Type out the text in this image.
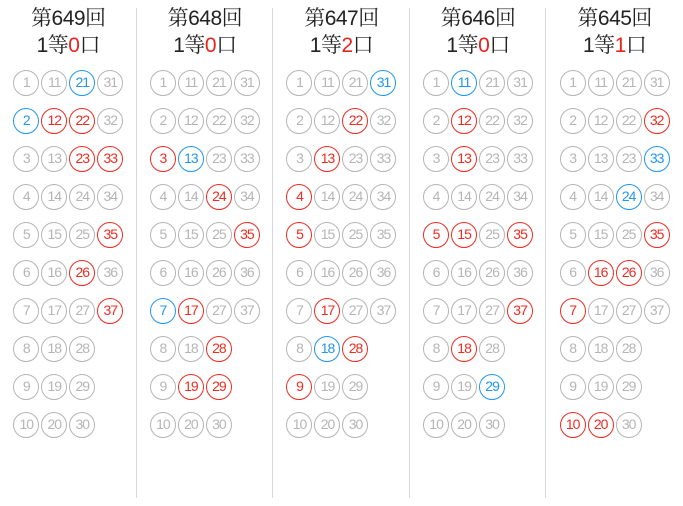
第649回
1等0口
1	11	21	31
2	12	22	32
3	13	23	33
4	14	24	34
5	15	25	35
6	16	26	36
7	17	27	37
8	18	28
9	19	29
10	20	30
第648回
1等0口
1	11	21	31
2	12	22	32
3	13	23	33
4	14	24	34
5	15	25	35
6	16	26	36
7	17	27	37
8	18	28
9	19	29
10	20	30
第647回
1等2口
1	11	21	31
2	12	22	32
3	13	23	33
4	14	24	34
5	15	25	35
6	16	26	36
7	17	27	37
8	18	28
9	19	29
10	20	30
第646回
1等0口
1	11	21	31
2	12	22	32
3	13	23	33
4	14	24	34
5	15	25	35
6	16	26	36
7	17	27	37
8	18	28
9	19	29
10	20	30
第645回
1等1口
1	11	21	31
2	12	22	32
3	13	23	33
4	14	24	34
5	15	25	35
6	16	26	36
7	17	27	37
8	18	28
9	19	29
10	20	30
